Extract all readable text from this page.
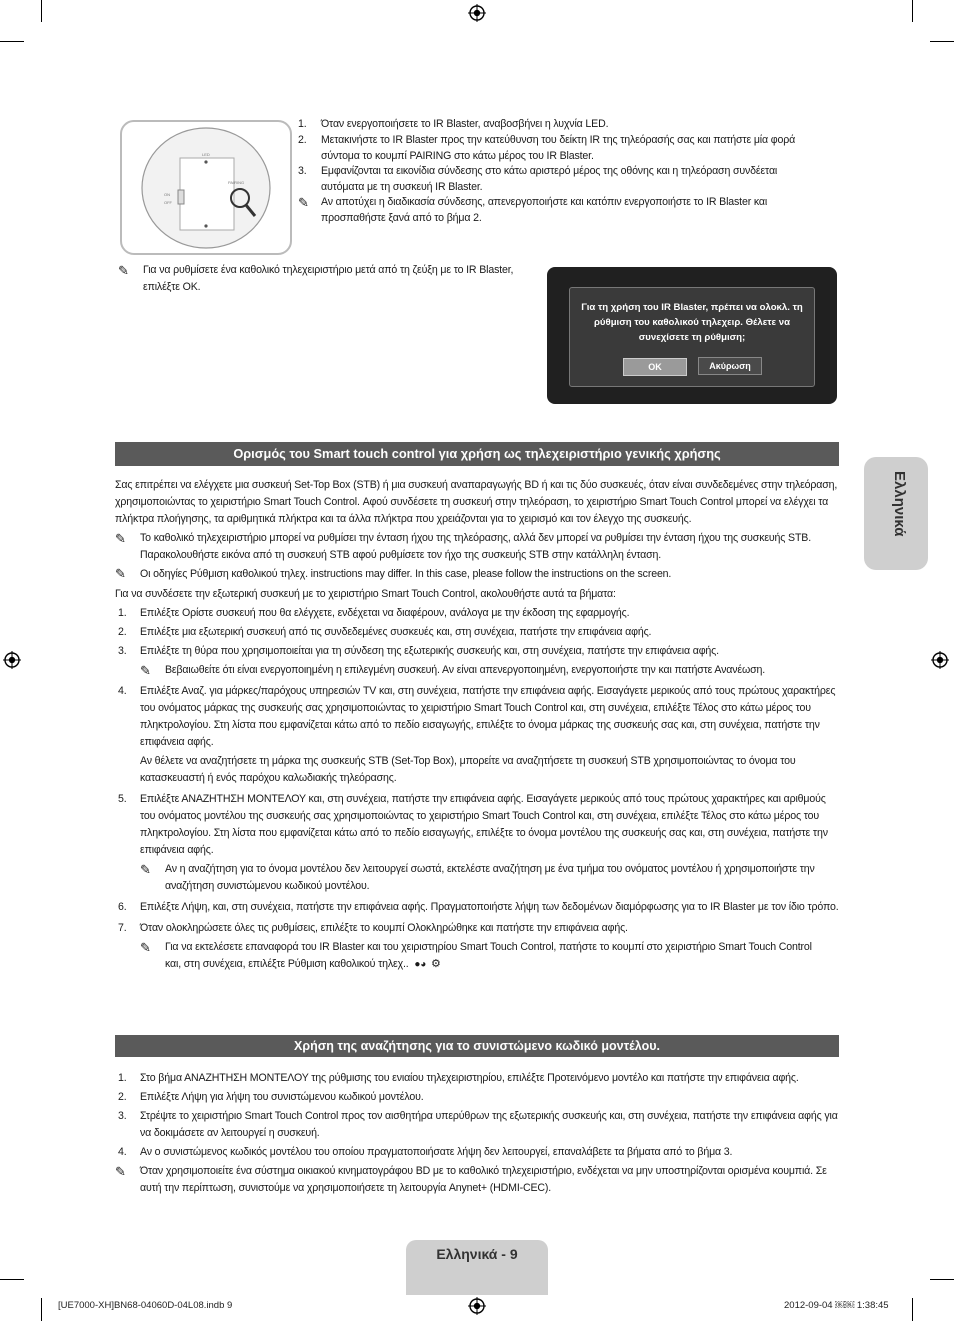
LED
PAIRING
ON
OFF
1.	Όταν ενεργοποιήσετε το IR Blaster, αναβοσβήνει η λυχνία LED.
2.	Μετακινήστε το IR Blaster προς την κατεύθυνση του δείκτη IR της τηλεόρασής σας και πατήστε μία φορά σύντομα το κουμπί PAIRING στο κάτω μέρος του IR Blaster.
3.	Εμφανίζονται τα εικονίδια σύνδεσης στο κάτω αριστερό μέρος της οθόνης και η τηλεόραση συνδέεται αυτόματα με τη συσκευή IR Blaster.
✎	Αν αποτύχει η διαδικασία σύνδεσης, απενεργοποιήστε και κατόπιν ενεργοποιήστε το IR Blaster και προσπαθήστε ξανά από το βήμα 2.
✎ Για να ρυθμίσετε ένα καθολικό τηλεχειριστήριο μετά από τη ζεύξη με το IR Blaster, επιλέξτε OK.
Για τη χρήση του IR Blaster, πρέπει να ολοκλ. τη ρύθμιση του καθολικού τηλεχειρ. Θέλετε να συνεχίσετε τη ρύθμιση;
OK	Ακύρωση
Ελληνικά
Ορισμός του Smart touch control για χρήση ως τηλεχειριστήριο γενικής χρήσης
Σας επιτρέπει να ελέγχετε μια συσκευή Set-Top Box (STB) ή μια συσκευή αναπαραγωγής BD ή και τις δύο συσκευές, όταν είναι συνδεδεμένες στην τηλεόραση, χρησιμοποιώντας το χειριστήριο Smart Touch Control. Αφού συνδέσετε τη συσκευή στην τηλεόραση, το χειριστήριο Smart Touch Control μπορεί να ελέγχει τα πλήκτρα πλοήγησης, τα αριθμητικά πλήκτρα και τα άλλα πλήκτρα που χρειάζονται για το χειρισμό και τον έλεγχο της συσκευής.
✎ Το καθολικό τηλεχειριστήριο μπορεί να ρυθμίσει την ένταση ήχου της τηλεόρασης, αλλά δεν μπορεί να ρυθμίσει την ένταση ήχου της συσκευής STB. Παρακολουθήστε εικόνα από τη συσκευή STB αφού ρυθμίσετε τον ήχο της συσκευής STB στην κατάλληλη ένταση.
✎ Οι οδηγίες Ρύθμιση καθολικού τηλεχ. instructions may differ. In this case, please follow the instructions on the screen.
Για να συνδέσετε την εξωτερική συσκευή με το χειριστήριο Smart Touch Control, ακολουθήστε αυτά τα βήματα:
1.	Επιλέξτε Ορίστε συσκευή που θα ελέγχετε, ενδέχεται να διαφέρουν, ανάλογα με την έκδοση της εφαρμογής.
2.	Επιλέξτε μια εξωτερική συσκευή από τις συνδεδεμένες συσκευές και, στη συνέχεια, πατήστε την επιφάνεια αφής.
3.	Επιλέξτε τη θύρα που χρησιμοποιείται για τη σύνδεση της εξωτερικής συσκευής και, στη συνέχεια, πατήστε την επιφάνεια αφής.
✎	Βεβαιωθείτε ότι είναι ενεργοποιημένη η επιλεγμένη συσκευή. Αν είναι απενεργοποιημένη, ενεργοποιήστε την και πατήστε Ανανέωση.
4.	Επιλέξτε Αναζ. για μάρκες/παρόχους υπηρεσιών TV και, στη συνέχεια, πατήστε την επιφάνεια αφής. Εισαγάγετε μερικούς από τους πρώτους χαρακτήρες του ονόματος μάρκας της συσκευής σας χρησιμοποιώντας το χειριστήριο Smart Touch Control και, στη συνέχεια, επιλέξτε Τέλος στο κάτω μέρος του πληκτρολογίου. Στη λίστα που εμφανίζεται κάτω από το πεδίο εισαγωγής, επιλέξτε το όνομα μάρκας της συσκευής σας και, στη συνέχεια, πατήστε την επιφάνεια αφής.
Αν θέλετε να αναζητήσετε τη μάρκα της συσκευής STB (Set-Top Box), μπορείτε να αναζητήσετε τη συσκευή STB χρησιμοποιώντας το όνομα του κατασκευαστή ή ενός παρόχου καλωδιακής τηλεόρασης.
5.	Επιλέξτε ΑΝΑΖΗΤΗΣΗ ΜΟΝΤΕΛΟΥ και, στη συνέχεια, πατήστε την επιφάνεια αφής. Εισαγάγετε μερικούς από τους πρώτους χαρακτήρες και αριθμούς του ονόματος μοντέλου της συσκευής σας χρησιμοποιώντας το χειριστήριο Smart Touch Control και, στη συνέχεια, επιλέξτε Τέλος στο κάτω μέρος του πληκτρολογίου. Στη λίστα που εμφανίζεται κάτω από το πεδίο εισαγωγής, επιλέξτε το όνομα μοντέλου της συσκευής σας και, στη συνέχεια, πατήστε την επιφάνεια αφής.
✎	Αν η αναζήτηση για το όνομα μοντέλου δεν λειτουργεί σωστά, εκτελέστε αναζήτηση με ένα τμήμα του ονόματος μοντέλου ή χρησιμοποιήστε την αναζήτηση συνιστώμενου κωδικού μοντέλου.
6.	Επιλέξτε Λήψη, και, στη συνέχεια, πατήστε την επιφάνεια αφής. Πραγματοποιήστε λήψη των δεδομένων διαμόρφωσης για το IR Blaster με τον ίδιο τρόπο.
7.	Όταν ολοκληρώσετε όλες τις ρυθμίσεις, επιλέξτε το κουμπί Ολοκληρώθηκε και πατήστε την επιφάνεια αφής.
✎	Για να εκτελέσετε επαναφορά του IR Blaster και του χειριστηρίου Smart Touch Control, πατήστε το κουμπί στο χειριστήριο Smart Touch Control και, στη συνέχεια, επιλέξτε Ρύθμιση καθολικού τηλεχ.. ●◕ ⚙
Χρήση της αναζήτησης για το συνιστώμενο κωδικό μοντέλου.
1.	Στο βήμα ΑΝΑΖΗΤΗΣΗ ΜΟΝΤΕΛΟΥ της ρύθμισης του ενιαίου τηλεχειριστηρίου, επιλέξτε Προτεινόμενο μοντέλο και πατήστε την επιφάνεια αφής.
2.	Επιλέξτε Λήψη για λήψη του συνιστώμενου κωδικού μοντέλου.
3.	Στρέψτε το χειριστήριο Smart Touch Control προς τον αισθητήρα υπερύθρων της εξωτερικής συσκευής και, στη συνέχεια, πατήστε την επιφάνεια αφής για να δοκιμάσετε αν λειτουργεί η συσκευή.
4.	Αν ο συνιστώμενος κωδικός μοντέλου του οποίου πραγματοποιήσατε λήψη δεν λειτουργεί, επαναλάβετε τα βήματα από το βήμα 3.
✎	Όταν χρησιμοποιείτε ένα σύστημα οικιακού κινηματογράφου BD με το καθολικό τηλεχειριστήριο, ενδέχεται να μην υποστηρίζονται ορισμένα κουμπιά. Σε αυτή την περίπτωση, συνιστούμε να χρησιμοποιήσετε τη λειτουργία Anynet+ (HDMI-CEC).
Ελληνικά - 9
[UE7000-XH]BN68-04060D-04L08.indb 9	2012-09-04 ￼￼ 1:38:45
